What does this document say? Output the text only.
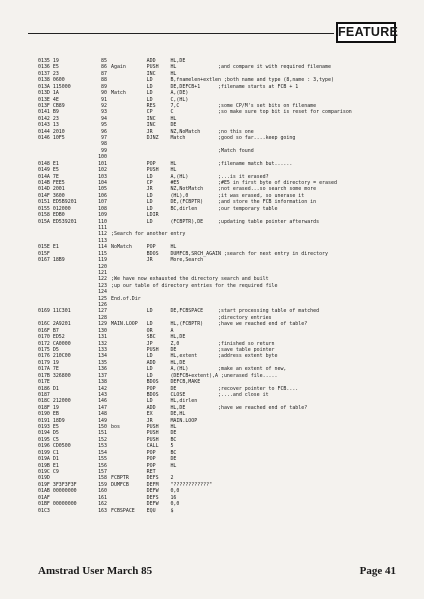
FEATURE
0135 19	85 ADD     HL,DE
0136 E5	86 Again       PUSH    HL              ;and compare it with required filename
0137 23	87 INC     HL
0138 0600	88 LD      B,fnamelen+extlen ;both name and type (8,name : 3,type)
013A 115000	89 LD      DE,DEFCB+1      ;filename starts at FCB + 1
013D 1A	90 Match       LD      A,(DE)
013E 4E	91 LD      C,(HL)
013F CB89	92 RES     7,C             ;some CP/M's set bits on filename
0141 B9	93 CP      C               ;so make sure top bit is reset for comparison
0142 23	94 INC     HL
0143 13	95 INC     DE
0144 2010	96 JR      NZ,NoMatch      ;no this one
0146 10F5	97 DJNZ    Match           ;good so far....keep going
98
99 ;Match found
100
0148 E1	101 POP     HL              ;filename match but......
0149 E5	102 PUSH    HL
014A 7E	103 LD      A,(HL)          ;...is it erased?
014B FEE5	104 CP      #E5             ;#E5 in first byte of directory = erased
014D 2001	105 JR      NZ,NotMatch     ;not erased...so search some more
014F 3600	106 LD      (HL),0          ;it was erased, so unerase it
0151 ED5B9201	107 LD      DE,(FCBPTR)     ;and store the FCB information in
0155 012000	108 LD      BC,dirlen       ;our temporary table
0158 EDB0	109 LDIR
015A ED539201	110 LD      (FCBPTR),DE     ;updating table pointer afterwards
111
112 ;Search for another entry
113
015E E1	114 NoMatch     POP     HL
015F	115 BDOS    DUMFCB,SRCH_AGAIN ;search for next entry in directory
0167 18B9	119 JR      More,Search
120
121
122 ;We have now exhausted the directory search and built
123 ;up our table of directory entries for the required file
124
125 End.of.Dir
126
0169 11C301	127 LD      DE,FCBSPACE     ;start processing table of matched
128 ;directory entries
016C 2A9201	129 MAIN.LOOP   LD      HL,(FCBPTR)     ;have we reached end of table?
016F B7	130 OR      A
0170 ED52	131 SBC     HL,DE
0172 CA0000	132 JP      Z,0             ;finished so return
0175 D5	133 PUSH    DE              ;save table pointer
0176 210C00	134 LD      HL,extent       ;address extent byte
0179 19	135 ADD     HL,DE
017A 7E	136 LD      A,(HL)          ;make an extent of new,
017B 326800	137 LD      (DEFCB+extent),A ;unerased file.....
017E	138 BDOS    DEFCB,MAKE
0186 D1	142 POP     DE              ;recover pointer to FCB....
0187	143 BDOS    CLOSE           ;....and close it
018C 212000	146 LD      HL,dirlen
018F 19	147 ADD     HL,DE           ;have we reached end of table?
0190 EB	148 EX      DE,HL
0191 18D9	149 JR      MAIN.LOOP
0193 E5	150 bos         PUSH    HL
0194 D5	151 PUSH    DE
0195 C5	152 PUSH    BC
0196 CD0500	153 CALL    5
0199 C1	154 POP     BC
019A D1	155 POP     DE
019B E1	156 POP     HL
019C C9	157 RET
019D	158 FCBPTR      DEFS    2
019F 3F3F3F3F	159 DUMFCB      DEFM    "????????????"
01AB 00000000	160 DEFW    0,0
01AF	161 DEFS    16
01BF 00000000	162 DEFW    0,0
01C3	163 FCBSPACE    EQU     $
Amstrad User March 85	Page 41
